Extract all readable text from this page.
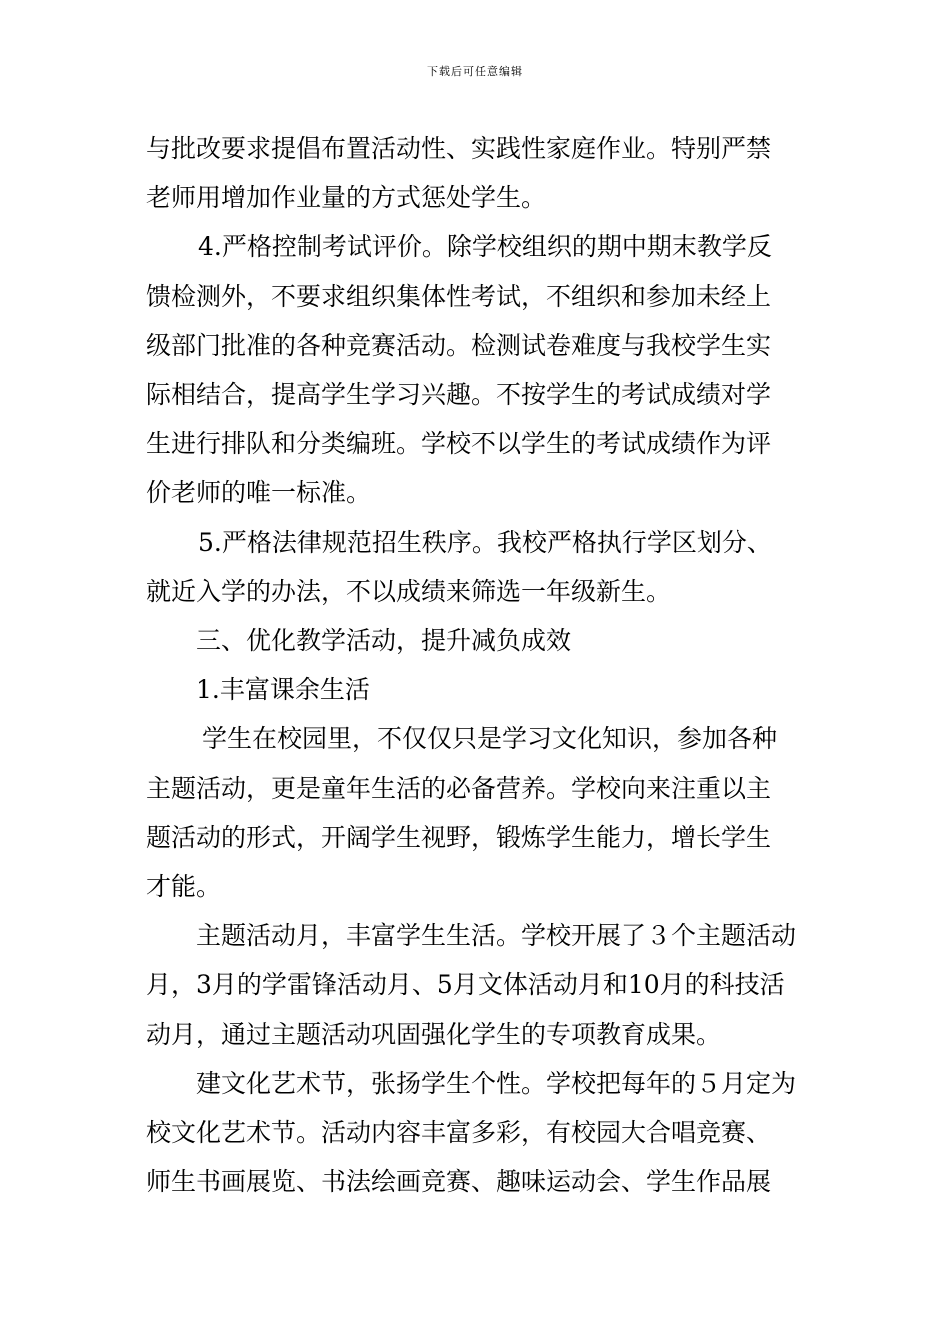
下载后可任意编辑
与批改要求提倡布置活动性、实践性家庭作业。特别严禁
老师用增加作业量的方式惩处学生。
4.严格控制考试评价。除学校组织的期中期末教学反
馈检测外，不要求组织集体性考试，不组织和参加未经上
级部门批准的各种竞赛活动。检测试卷难度与我校学生实
际相结合，提高学生学习兴趣。不按学生的考试成绩对学
生进行排队和分类编班。学校不以学生的考试成绩作为评
价老师的唯一标准。
5.严格法律规范招生秩序。我校严格执行学区划分、
就近入学的办法，不以成绩来筛选一年级新生。
三、优化教学活动，提升减负成效
1.丰富课余生活
学生在校园里，不仅仅只是学习文化知识，参加各种
主题活动，更是童年生活的必备营养。学校向来注重以主
题活动的形式，开阔学生视野，锻炼学生能力，增长学生
才能。
主题活动月，丰富学生生活。学校开展了３个主题活动
月，3月的学雷锋活动月、5月文体活动月和10月的科技活
动月，通过主题活动巩固强化学生的专项教育成果。
建文化艺术节，张扬学生个性。学校把每年的５月定为
校文化艺术节。活动内容丰富多彩，有校园大合唱竞赛、
师生书画展览、书法绘画竞赛、趣味运动会、学生作品展
